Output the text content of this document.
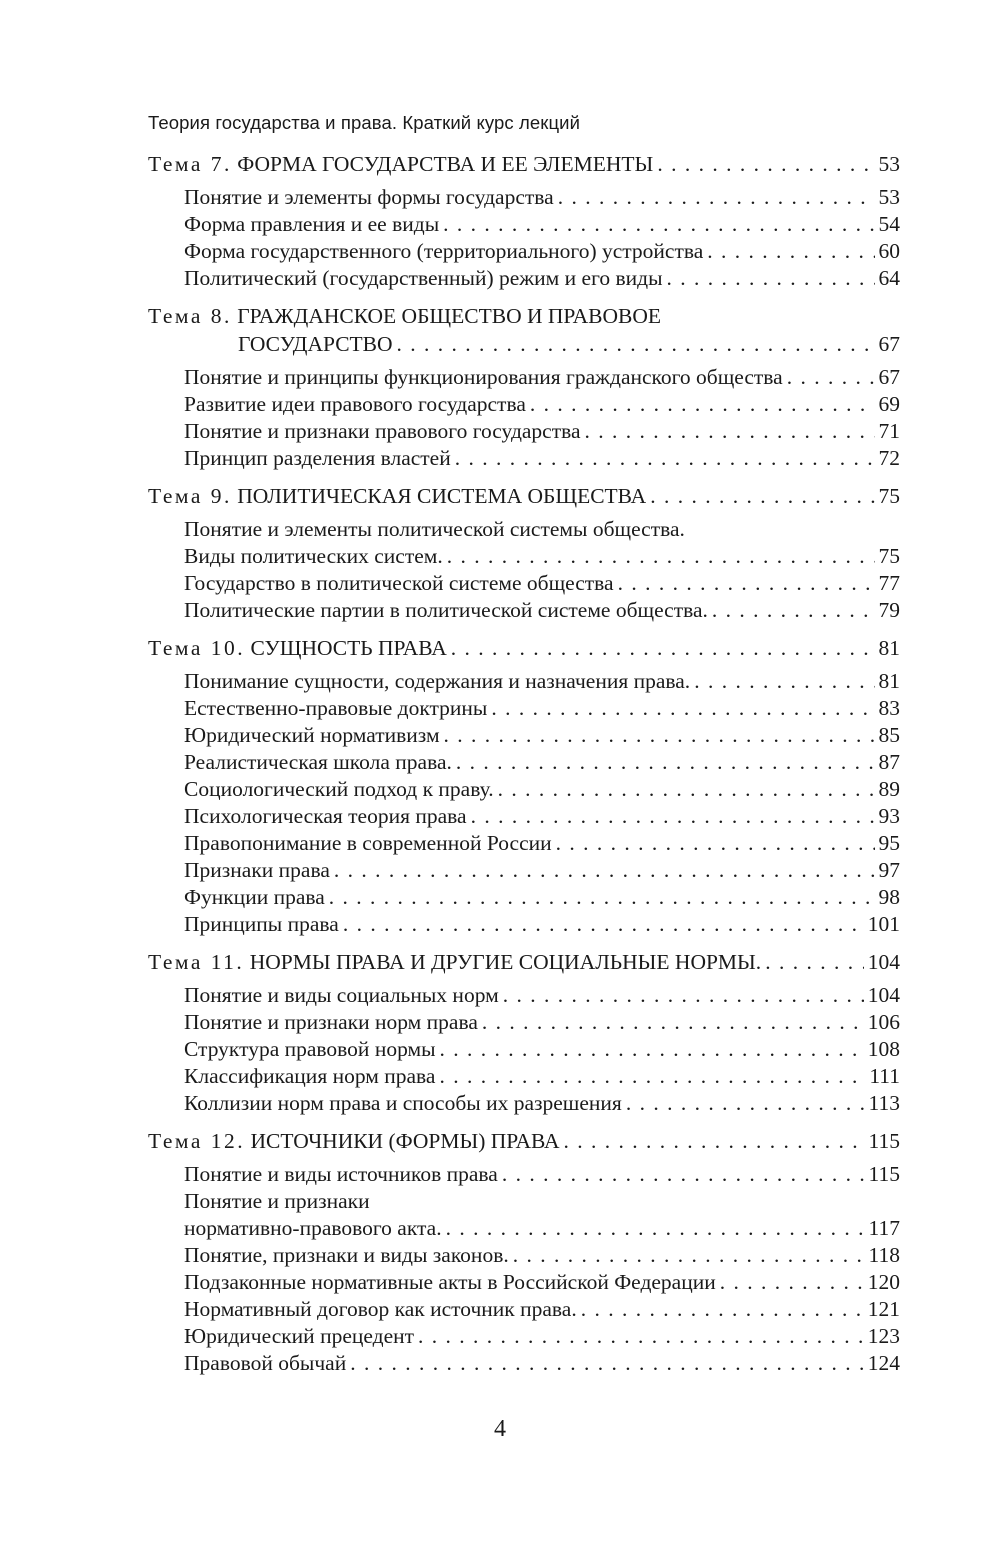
Теория государства и права. Краткий курс лекций
Тема 7. ФОРМА ГОСУДАРСТВА И ЕЕ ЭЛЕМЕНТЫ . . .	53
Понятие и элементы формы государства . . .	53
Форма правления и ее виды . . .	54
Форма государственного (территориального) устройства . . .	60
Политический (государственный) режим и его виды . . .	64
Тема 8. ГРАЖДАНСКОЕ ОБЩЕСТВО И ПРАВОВОЕ
ГОСУДАРСТВО . . .	67
Понятие и принципы функционирования гражданского общества . . .	67
Развитие идеи правового государства . . .	69
Понятие и признаки правового государства . . .	71
Принцип разделения властей . . .	72
Тема 9. ПОЛИТИЧЕСКАЯ СИСТЕМА ОБЩЕСТВА . . .	75
Понятие и элементы политической системы общества.
Виды политических систем. . . .	75
Государство в политической системе общества . . .	77
Политические партии в политической системе общества. . . .	79
Тема 10. СУЩНОСТЬ ПРАВА . . .	81
Понимание сущности, содержания и назначения права. . . .	81
Естественно-правовые доктрины . . .	83
Юридический нормативизм . . .	85
Реалистическая школа права. . . .	87
Социологический подход к праву. . . .	89
Психологическая теория права . . .	93
Правопонимание в современной России . . .	95
Признаки права . . .	97
Функции права . . .	98
Принципы права . . .	101
Тема 11. НОРМЫ ПРАВА И ДРУГИЕ СОЦИАЛЬНЫЕ НОРМЫ. . . .	104
Понятие и виды социальных норм . . .	104
Понятие и признаки норм права . . .	106
Структура правовой нормы . . .	108
Классификация норм права . . .	111
Коллизии норм права и способы их разрешения . . .	113
Тема 12. ИСТОЧНИКИ (ФОРМЫ) ПРАВА . . .	115
Понятие и виды источников права . . .	115
Понятие и признаки
нормативно-правового акта. . . .	117
Понятие, признаки и виды законов. . . .	118
Подзаконные нормативные акты в Российской Федерации . . .	120
Нормативный договор как источник права. . . .	121
Юридический прецедент . . .	123
Правовой обычай . . .	124
4
